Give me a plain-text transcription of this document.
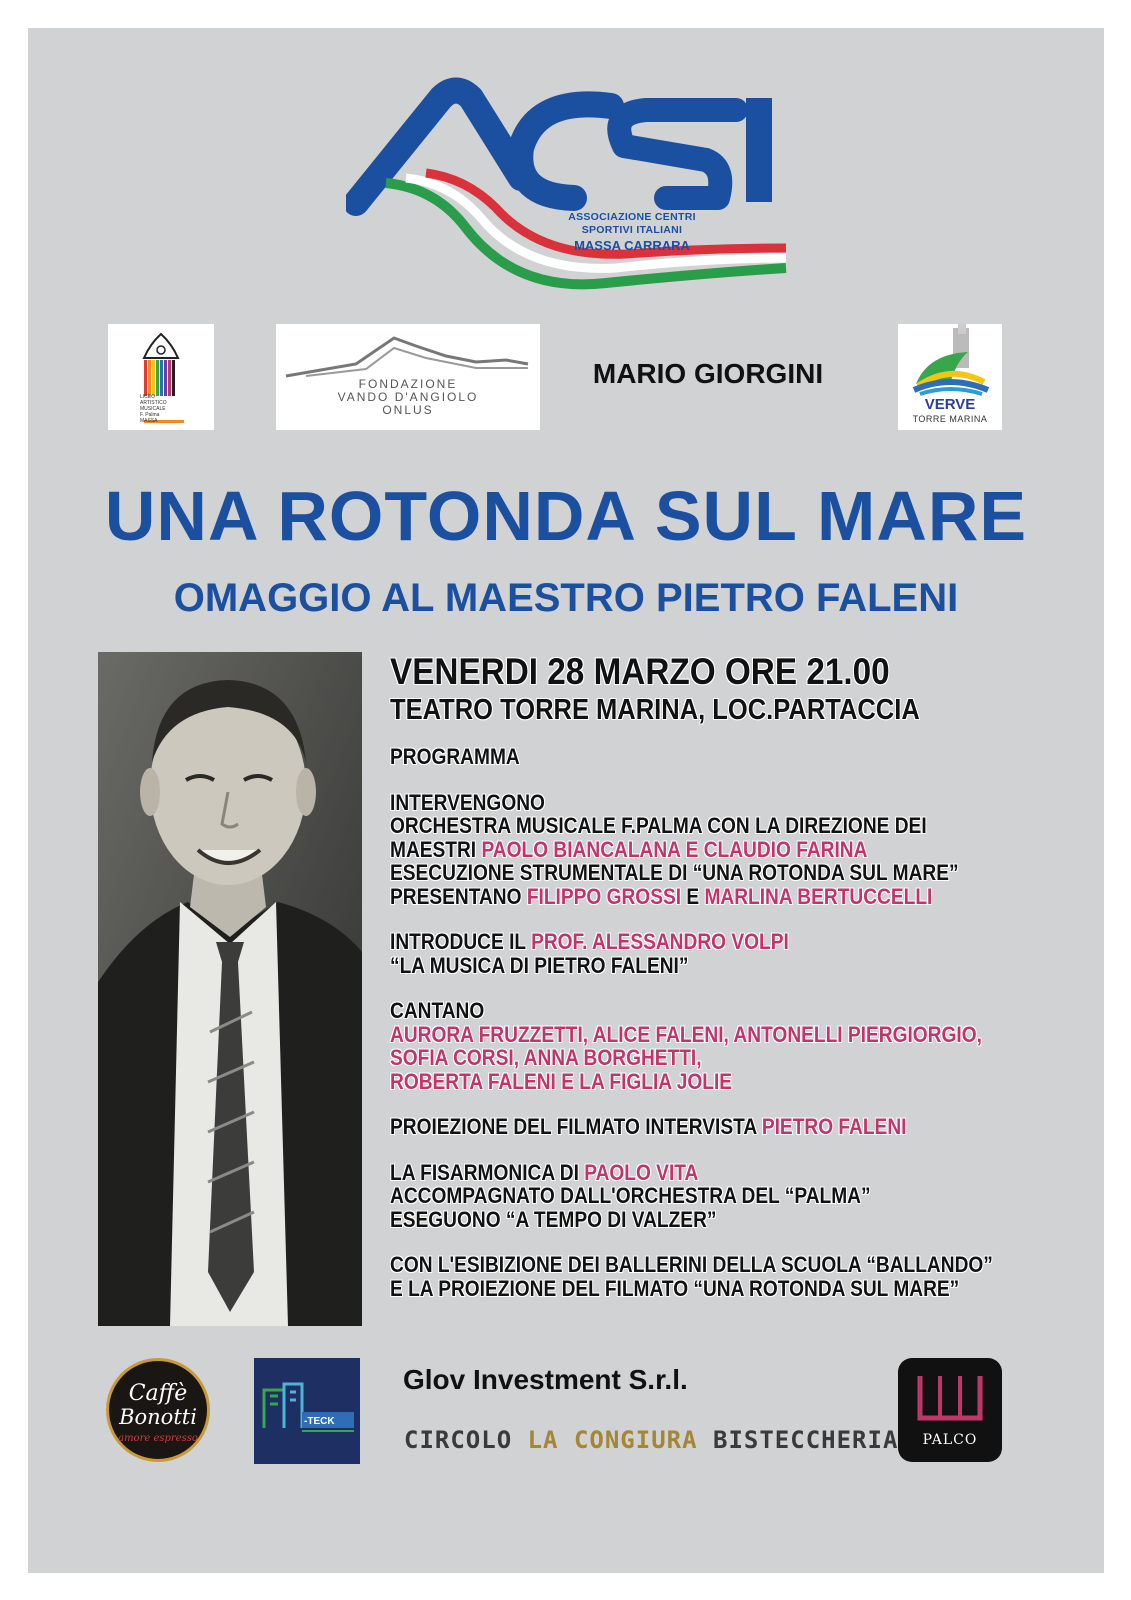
ASSOCIAZIONE CENTRI
SPORTIVI ITALIANI
MASSA CARRARA
LICEO
ARTISTICO
MUSICALE
F. Palma
MASSA
FONDAZIONE
VANDO D'ANGIOLO
ONLUS
MARIO GIORGINI
VERVE
TORRE MARINA
UNA ROTONDA SUL MARE
OMAGGIO AL MAESTRO PIETRO FALENI
VENERDI 28 MARZO ORE 21.00
TEATRO TORRE MARINA, LOC.PARTACCIA

PROGRAMMA

INTERVENGONO

ORCHESTRA MUSICALE F.PALMA CON LA DIREZIONE DEI

MAESTRI PAOLO BIANCALANA E CLAUDIO FARINA

ESECUZIONE STRUMENTALE DI “UNA ROTONDA SUL MARE”

PRESENTANO FILIPPO GROSSI E MARLINA BERTUCCELLI

INTRODUCE IL PROF. ALESSANDRO VOLPI

“LA MUSICA DI PIETRO FALENI”

CANTANO

AURORA FRUZZETTI, ALICE FALENI, ANTONELLI PIERGIORGIO,

SOFIA CORSI, ANNA BORGHETTI,

ROBERTA FALENI E LA FIGLIA JOLIE

PROIEZIONE DEL FILMATO INTERVISTA PIETRO FALENI

LA FISARMONICA DI PAOLO VITA

ACCOMPAGNATO DALL'ORCHESTRA DEL “PALMA”

ESEGUONO “A TEMPO DI VALZER”

CON L'ESIBIZIONE DEI BALLERINI DELLA SCUOLA “BALLANDO”

E LA PROIEZIONE DEL FILMATO “UNA ROTONDA SUL MARE”

Caffè
Bonotti
amore espresso
-TECK
Glov Investment S.r.l.
CIRCOLO LA CONGIURA BISTECCHERIA	PALCO
